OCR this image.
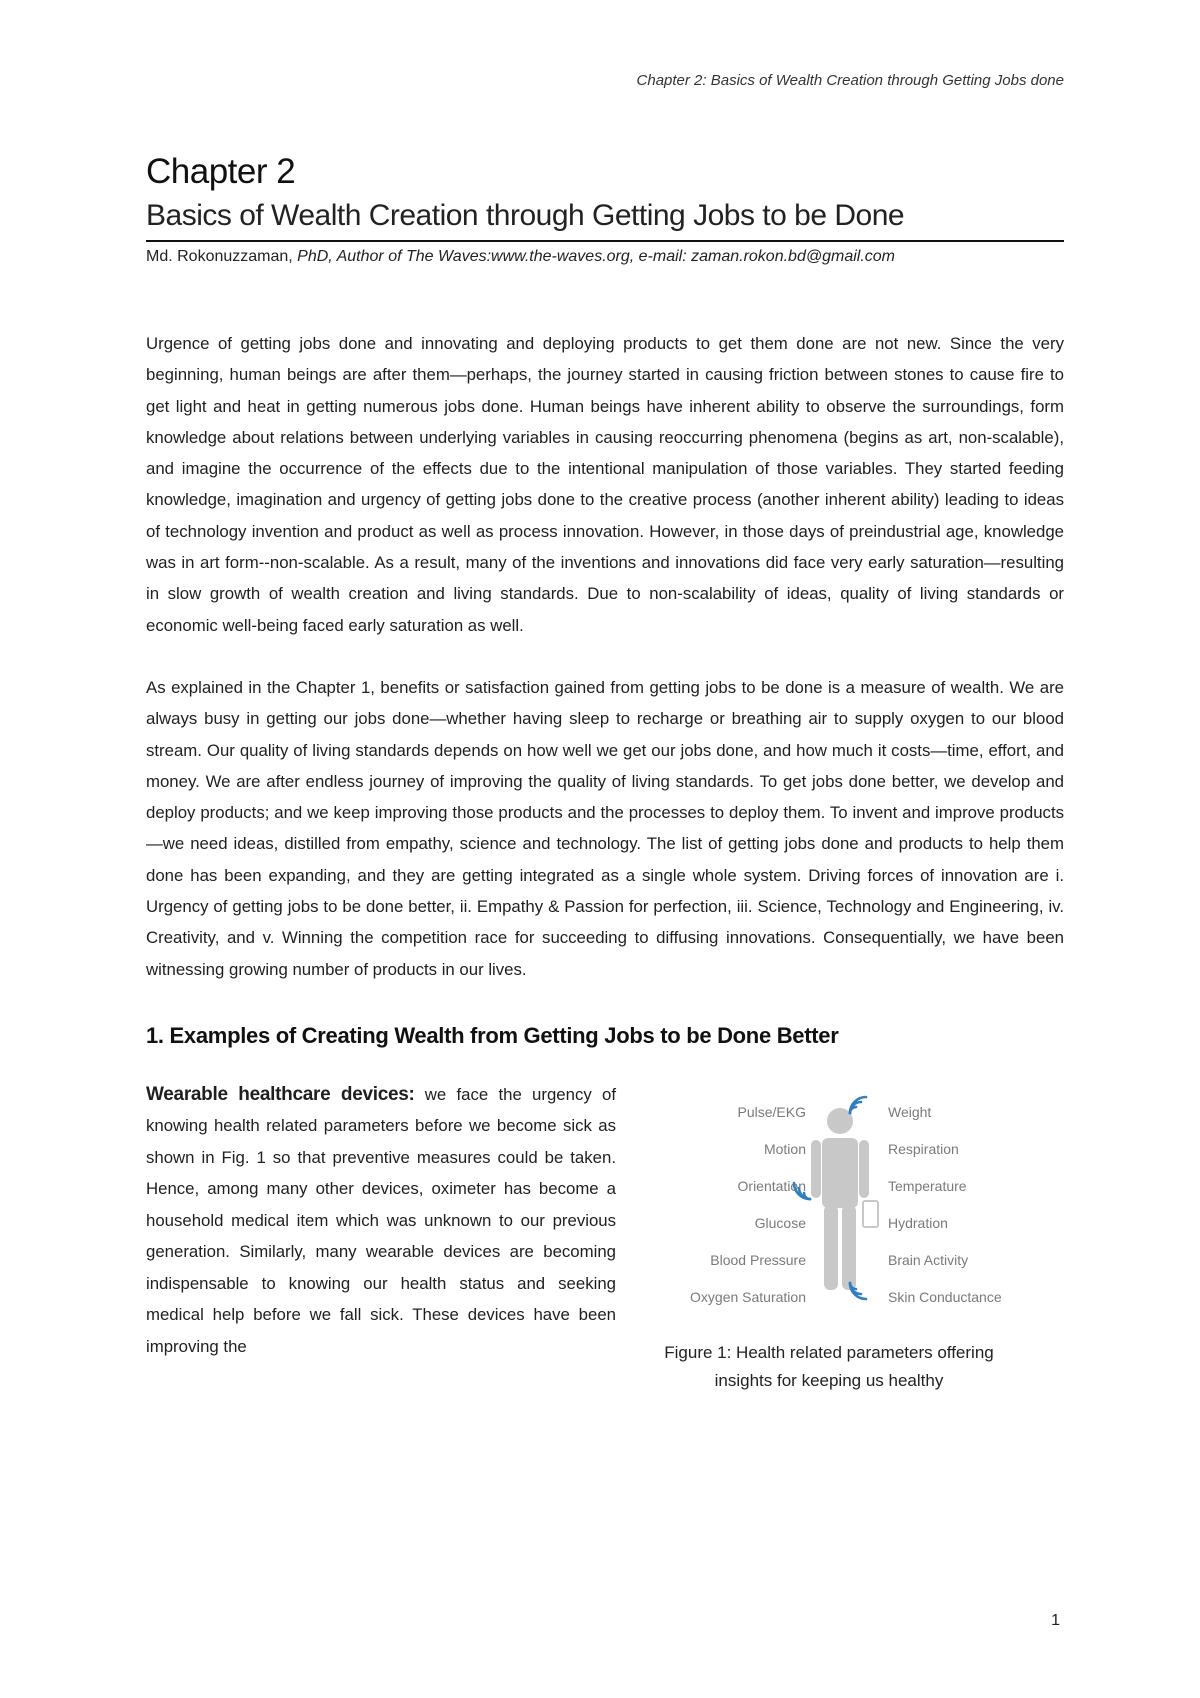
Chapter 2: Basics of Wealth Creation through Getting Jobs done
Chapter 2
Basics of Wealth Creation through Getting Jobs to be Done
Md. Rokonuzzaman, PhD, Author of The Waves:www.the-waves.org, e-mail: zaman.rokon.bd@gmail.com

Urgence of getting jobs done and innovating and deploying products to get them done are not new. Since the very beginning, human beings are after them—perhaps, the journey started in causing friction between stones to cause fire to get light and heat in getting numerous jobs done. Human beings have inherent ability to observe the surroundings, form knowledge about relations between underlying variables in causing reoccurring phenomena (begins as art, non-scalable), and imagine the occurrence of the effects due to the intentional manipulation of those variables. They started feeding knowledge, imagination and urgency of getting jobs done to the creative process (another inherent ability) leading to ideas of technology invention and product as well as process innovation. However, in those days of preindustrial age, knowledge was in art form--non-scalable. As a result, many of the inventions and innovations did face very early saturation—resulting in slow growth of wealth creation and living standards. Due to non-scalability of ideas, quality of living standards or economic well-being faced early saturation as well.

As explained in the Chapter 1, benefits or satisfaction gained from getting jobs to be done is a measure of wealth. We are always busy in getting our jobs done—whether having sleep to recharge or breathing air to supply oxygen to our blood stream. Our quality of living standards depends on how well we get our jobs done, and how much it costs—time, effort, and money. We are after endless journey of improving the quality of living standards. To get jobs done better, we develop and deploy products; and we keep improving those products and the processes to deploy them. To invent and improve products—we need ideas, distilled from empathy, science and technology. The list of getting jobs done and products to help them done has been expanding, and they are getting integrated as a single whole system. Driving forces of innovation are i. Urgency of getting jobs to be done better, ii. Empathy & Passion for perfection, iii. Science, Technology and Engineering, iv. Creativity, and v. Winning the competition race for succeeding to diffusing innovations. Consequentially, we have been witnessing growing number of products in our lives.

1. Examples of Creating Wealth from Getting Jobs to be Done Better

Wearable healthcare devices: we face the urgency of knowing health related parameters before we become sick as shown in Fig. 1 so that preventive measures could be taken. Hence, among many other devices, oximeter has become a household medical item which was unknown to our previous generation. Similarly, many wearable devices are becoming indispensable to knowing our health status and seeking medical help before we fall sick. These devices have been improving the

Pulse/EKG
Motion
Orientation
Glucose
Blood Pressure
Oxygen Saturation
Weight
Respiration
Temperature
Hydration
Brain Activity
Skin Conductance
Figure 1: Health related parameters offering insights for keeping us healthy
1
